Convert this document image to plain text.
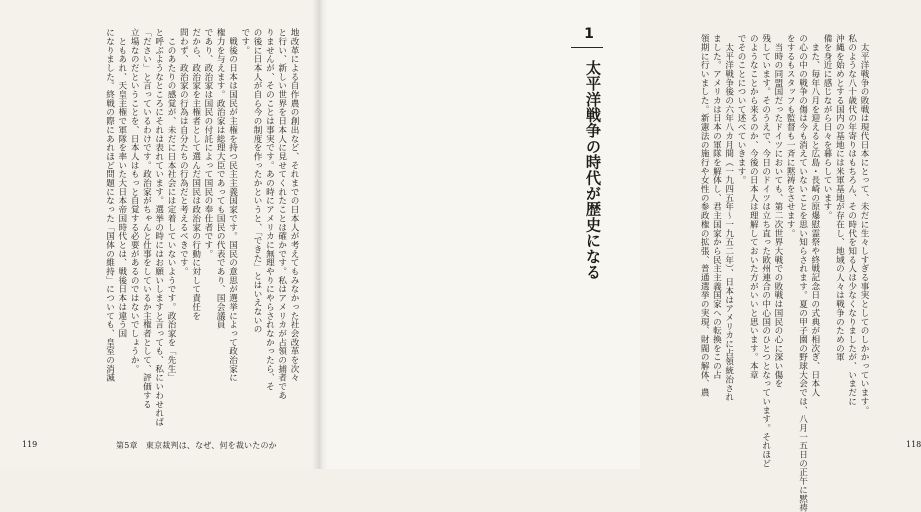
地改革による自作農の創出など、それまでの日本人が考えてもみなかった社会改革を次々
と行い、新しい世界を日本人に見せてくれたことは確かです。私はアメリカが占領の捕者であ
りませんが、そのことは事実です。あの時にアメリカに無理やりにやらされなかったら、そ
の後に日本人が自ら今の制度を作ったかというと、「できた」とはいえないの
です。
　戦後の日本は国民が主権を持つ民主主義国家です。国民の意思が選挙によって政治家に
権力を与えます。政治家は総理大臣であっても国民の代表であり、国会議員
であり、政治家は国民の付託によって国民の奉仕者です。
だから、政治家を主権者として選んだ国民は政治家の行動に対して責任を
問わず、政治家の行為は自分たちの行為だと考えるべきです。
　このあたりの感覚が、未だに日本社会には定着していないようです。政治家を「先生」
と呼ぶようなところにそれは表れています。選挙の時にはお願いしますと言っても、私にいわせれば
「ださい」と言っているわけです。政治家がちゃんと仕事をしているか主権者として、評価する
立場なのだということを、日本人はもっと自覚する必要があるのではないでしょうか。
　ともあれ、天皇主権で軍隊を率いた大日本帝国時代とは、戦後日本は違う国
になりました。終戦の際にあれほど問題になった「国体の維持」についても、皇室の消滅
119	第5章　東京裁判は、なぜ、何を裁いたのか
　太平洋戦争の敗戦は現代日本にとって、未だに生々しすぎる事実としてのしかかっています。
私のような八十歳代の年寄りはもちろん、その時代を知る人は少なくなりましたが、いまだに
沖縄を始めとする国内の基地には米軍基地が存在し、地域の人々は戦争のための軍
備を身近に感じながら日々を暮らしています。
　また、毎年八月を迎えると広島・長崎の原爆慰霊祭や終戦記念日の式典が相次ぎ、日本人
の心の中の戦争の傷は今も消えていないことを思い知らされます。夏の甲子園の野球大会では、八月一五日の正午に黙祷
をするもスタッフも監督も一斉に黙祷をさせます。
　当時の同盟国だったドイツにおいても、第二次世界大戦での敗戦は国民の心に深い傷を
残しています。そのうえで、今日のドイツは立ち直った欧州連合の中心国のひとつとなっています。それほど
のようなことから来るのか、今後の日本人は理解しておいた方がいいと思います。本章
でそのことについて述べていきます。
　太平洋戦争後の六年八カ月間（一九四五年～一九五二年）、日本はアメリカに占領統治され
ました。アメリカは日本の軍隊を解体し、君主国家から民主主義国家への転換をこの占
領期に行いました。新憲法の施行や女性の参政権の拡張、普通選挙の実現、財閥の解体、農
118
1
太平洋戦争の時代が歴史になる
